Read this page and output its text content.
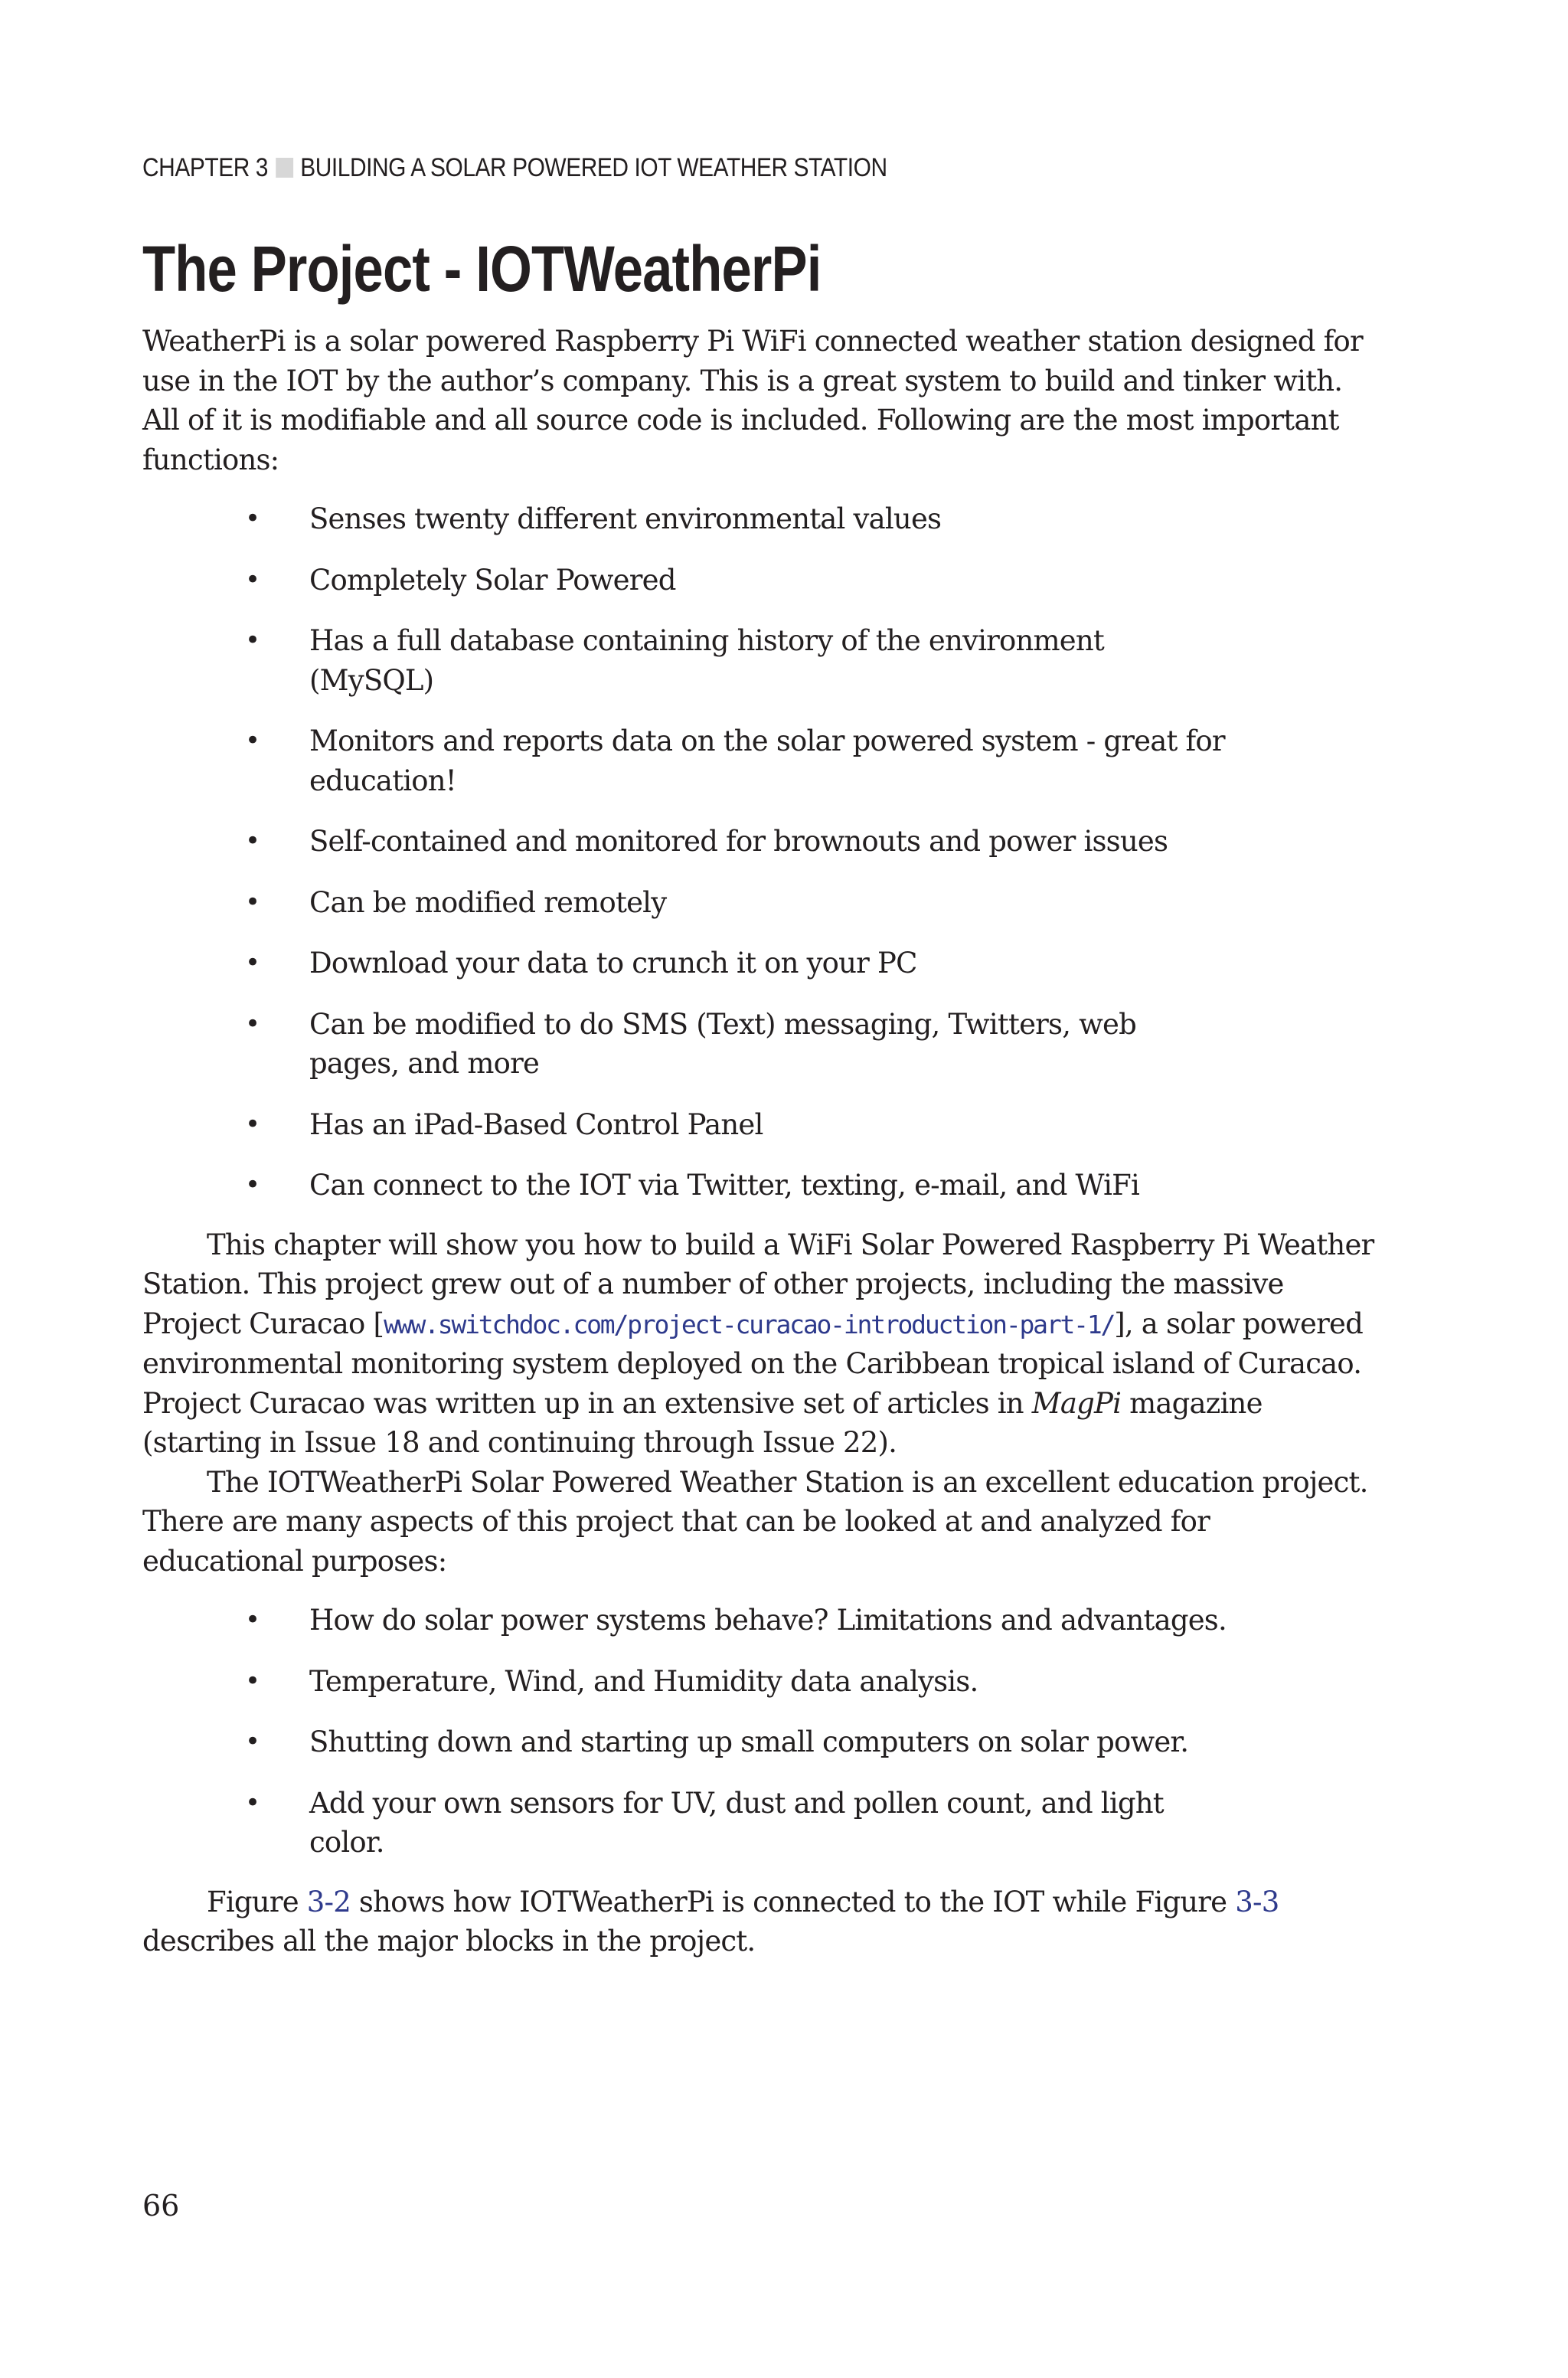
CHAPTER 3 BUILDING A SOLAR POWERED IOT WEATHER STATION
The Project - IOTWeatherPi

WeatherPi is a solar powered Raspberry Pi WiFi connected weather station designed for use in the IOT by the author’s company. This is a great system to build and tinker with. All of it is modifiable and all source code is included. Following are the most important functions:

• Senses twenty different environmental values
• Completely Solar Powered
• Has a full database containing history of the environment (MySQL)
• Monitors and reports data on the solar powered system - great for education!
• Self-contained and monitored for brownouts and power issues
• Can be modified remotely
• Download your data to crunch it on your PC
• Can be modified to do SMS (Text) messaging, Twitters, web pages, and more
• Has an iPad-Based Control Panel
• Can connect to the IOT via Twitter, texting, e-mail, and WiFi

This chapter will show you how to build a WiFi Solar Powered Raspberry Pi Weather Station. This project grew out of a number of other projects, including the massive Project Curacao [www.switchdoc.com/project-curacao-introduction-part-1/], a solar powered environmental monitoring system deployed on the Caribbean tropical island of Curacao. Project Curacao was written up in an extensive set of articles in MagPi magazine (starting in Issue 18 and continuing through Issue 22).

The IOTWeatherPi Solar Powered Weather Station is an excellent education project. There are many aspects of this project that can be looked at and analyzed for educational purposes:

• How do solar power systems behave? Limitations and advantages.
• Temperature, Wind, and Humidity data analysis.
• Shutting down and starting up small computers on solar power.
• Add your own sensors for UV, dust and pollen count, and light color.

Figure 3-2 shows how IOTWeatherPi is connected to the IOT while Figure 3-3 describes all the major blocks in the project.

66
